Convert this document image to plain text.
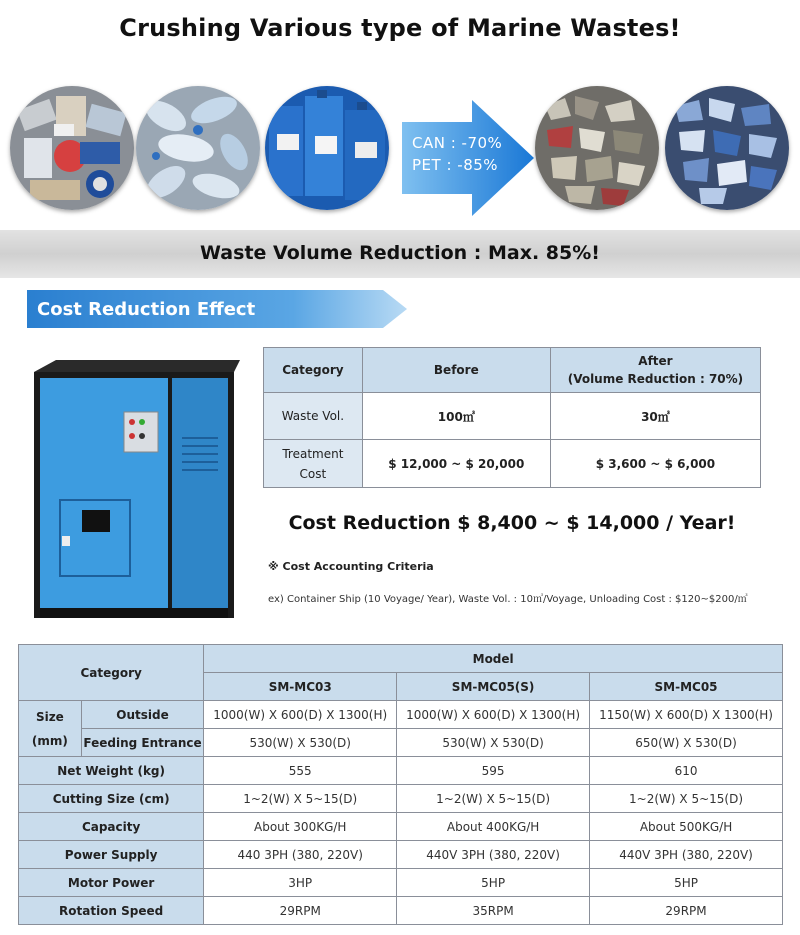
Crushing Various type of Marine Wastes!
CAN : -70%
PET : -85%
Waste Volume Reduction : Max. 85%!
Cost Reduction Effect
Category	Before	After
(Volume Reduction : 70%)

Waste Vol.	100㎥	30㎥

Treatment
Cost	$ 12,000 ~ $ 20,000	$ 3,600 ~ $ 6,000
Cost Reduction $ 8,400 ~ $ 14,000 / Year!
※ Cost Accounting Criteria
ex) Container Ship (10 Voyage/ Year), Waste Vol. : 10㎥/Voyage, Unloading Cost : $120~$200/㎥
Category		Model		
		SM-MC03	SM-MC05(S)	SM-MC05

Size
(mm)	Outside	1000(W) X 600(D) X 1300(H)	1000(W) X 600(D) X 1300(H)	1150(W) X 600(D) X 1300(H)
	Feeding Entrance	530(W) X 530(D)	530(W) X 530(D)	650(W) X 530(D)
Net Weight (kg)		555	595	610
Cutting Size (cm)		1~2(W) X 5~15(D)	1~2(W) X 5~15(D)	1~2(W) X 5~15(D)
Capacity		About 300KG/H	About 400KG/H	About 500KG/H
Power Supply		440 3PH (380, 220V)	440V 3PH (380, 220V)	440V 3PH (380, 220V)
Motor Power		3HP	5HP	5HP
Rotation Speed		29RPM	35RPM	29RPM
